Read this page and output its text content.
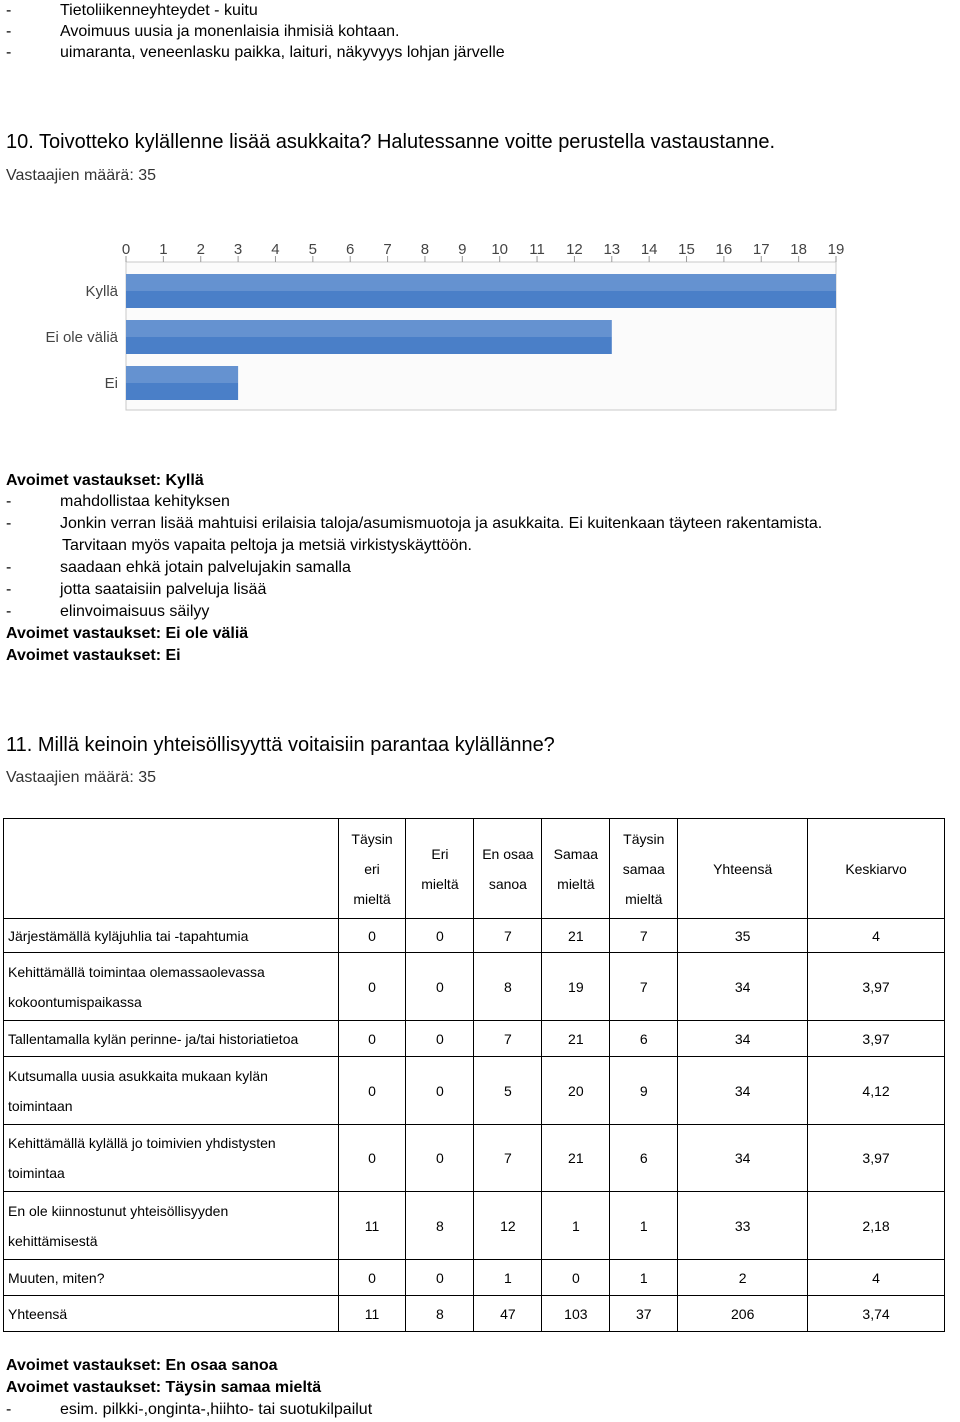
-	Tietoliikenneyhteydet - kuitu
-	Avoimuus uusia ja monenlaisia ihmisiä kohtaan.
-	uimaranta, veneenlasku paikka, laituri, näkyvyys lohjan järvelle
10. Toivotteko kylällenne lisää asukkaita? Halutessanne voitte perustella vastaustanne.
Vastaajien määrä: 35
0 1 2 3 4 5 6 7 8 9 10 11 12 13 14 15 16 17 18 19
Kyllä
Ei ole väliä
Ei
Avoimet vastaukset: Kyllä
-	mahdollistaa kehityksen
-	Jonkin verran lisää mahtuisi erilaisia taloja/asumismuotoja ja asukkaita. Ei kuitenkaan täyteen rakentamista.
Tarvitaan myös vapaita peltoja ja metsiä virkistyskäyttöön.
-	saadaan ehkä jotain palvelujakin samalla
-	jotta saataisiin palveluja lisää
-	elinvoimaisuus säilyy
Avoimet vastaukset: Ei ole väliä
Avoimet vastaukset: Ei
11. Millä keinoin yhteisöllisyyttä voitaisiin parantaa kylällänne?
Vastaajien määrä: 35
	Täysin
eri
mieltä	Eri
mieltä	En osaa
sanoa	Samaa
mieltä	Täysin
samaa
mieltä	Yhteensä	Keskiarvo
Järjestämällä kyläjuhlia tai -tapahtumia	0	0	7	21	7	35	4
Kehittämällä toimintaa olemassaolevassa
kokoontumispaikassa	0	0	8	19	7	34	3,97
Tallentamalla kylän perinne- ja/tai historiatietoa	0	0	7	21	6	34	3,97
Kutsumalla uusia asukkaita mukaan kylän
toimintaan	0	0	5	20	9	34	4,12
Kehittämällä kylällä jo toimivien yhdistysten
toimintaa	0	0	7	21	6	34	3,97
En ole kiinnostunut yhteisöllisyyden
kehittämisestä	11	8	12	1	1	33	2,18
Muuten, miten?	0	0	1	0	1	2	4
Yhteensä	11	8	47	103	37	206	3,74
Avoimet vastaukset: En osaa sanoa
Avoimet vastaukset: Täysin samaa mieltä
-	esim. pilkki-,onginta-,hiihto- tai suotukilpailut
